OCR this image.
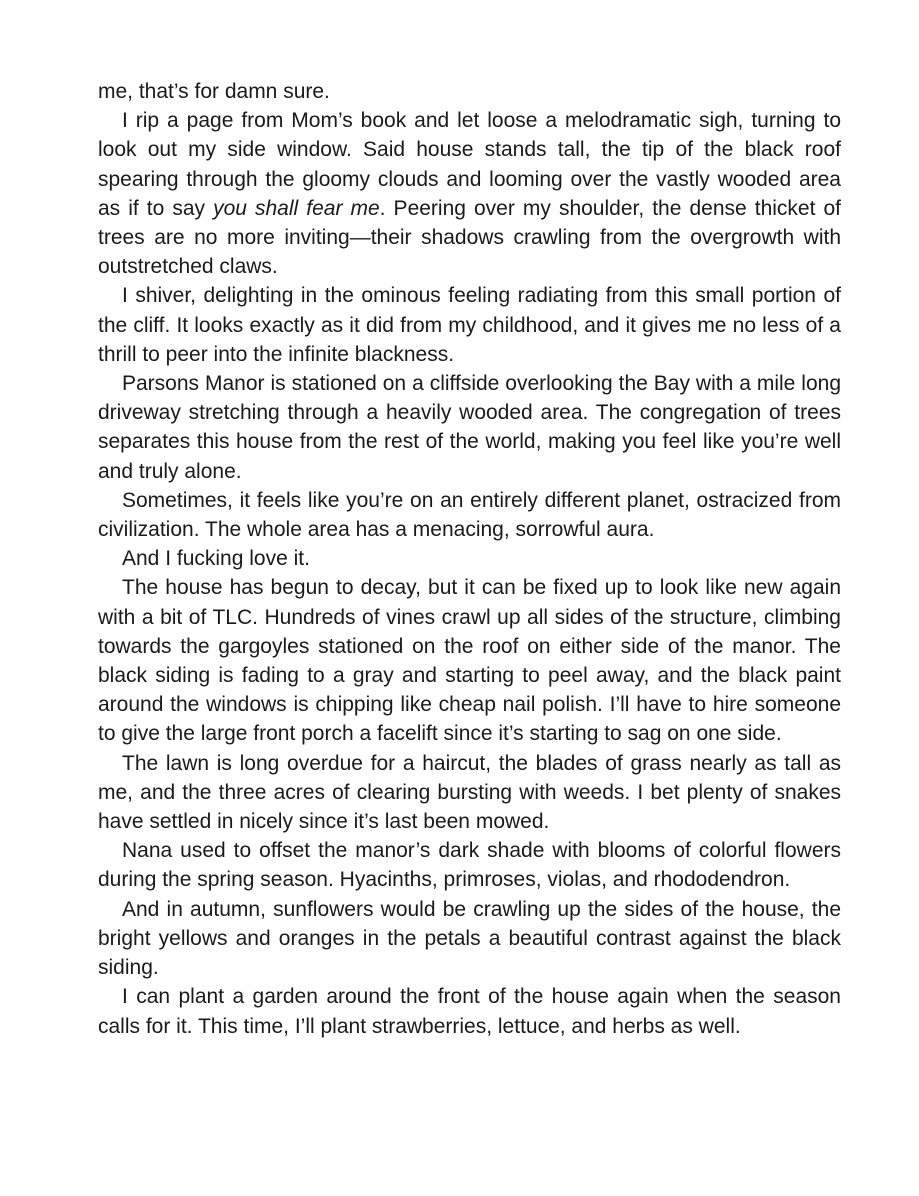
me, that’s for damn sure.

I rip a page from Mom’s book and let loose a melodramatic sigh, turning to look out my side window. Said house stands tall, the tip of the black roof spearing through the gloomy clouds and looming over the vastly wooded area as if to say you shall fear me. Peering over my shoulder, the dense thicket of trees are no more inviting—their shadows crawling from the overgrowth with outstretched claws.

I shiver, delighting in the ominous feeling radiating from this small portion of the cliff. It looks exactly as it did from my childhood, and it gives me no less of a thrill to peer into the infinite blackness.

Parsons Manor is stationed on a cliffside overlooking the Bay with a mile long driveway stretching through a heavily wooded area. The congregation of trees separates this house from the rest of the world, making you feel like you’re well and truly alone.

Sometimes, it feels like you’re on an entirely different planet, ostracized from civilization. The whole area has a menacing, sorrowful aura.

And I fucking love it.

The house has begun to decay, but it can be fixed up to look like new again with a bit of TLC. Hundreds of vines crawl up all sides of the structure, climbing towards the gargoyles stationed on the roof on either side of the manor. The black siding is fading to a gray and starting to peel away, and the black paint around the windows is chipping like cheap nail polish. I’ll have to hire someone to give the large front porch a facelift since it’s starting to sag on one side.

The lawn is long overdue for a haircut, the blades of grass nearly as tall as me, and the three acres of clearing bursting with weeds. I bet plenty of snakes have settled in nicely since it’s last been mowed.

Nana used to offset the manor’s dark shade with blooms of colorful flowers during the spring season. Hyacinths, primroses, violas, and rhododendron.

And in autumn, sunflowers would be crawling up the sides of the house, the bright yellows and oranges in the petals a beautiful contrast against the black siding.

I can plant a garden around the front of the house again when the season calls for it. This time, I’ll plant strawberries, lettuce, and herbs as well.
